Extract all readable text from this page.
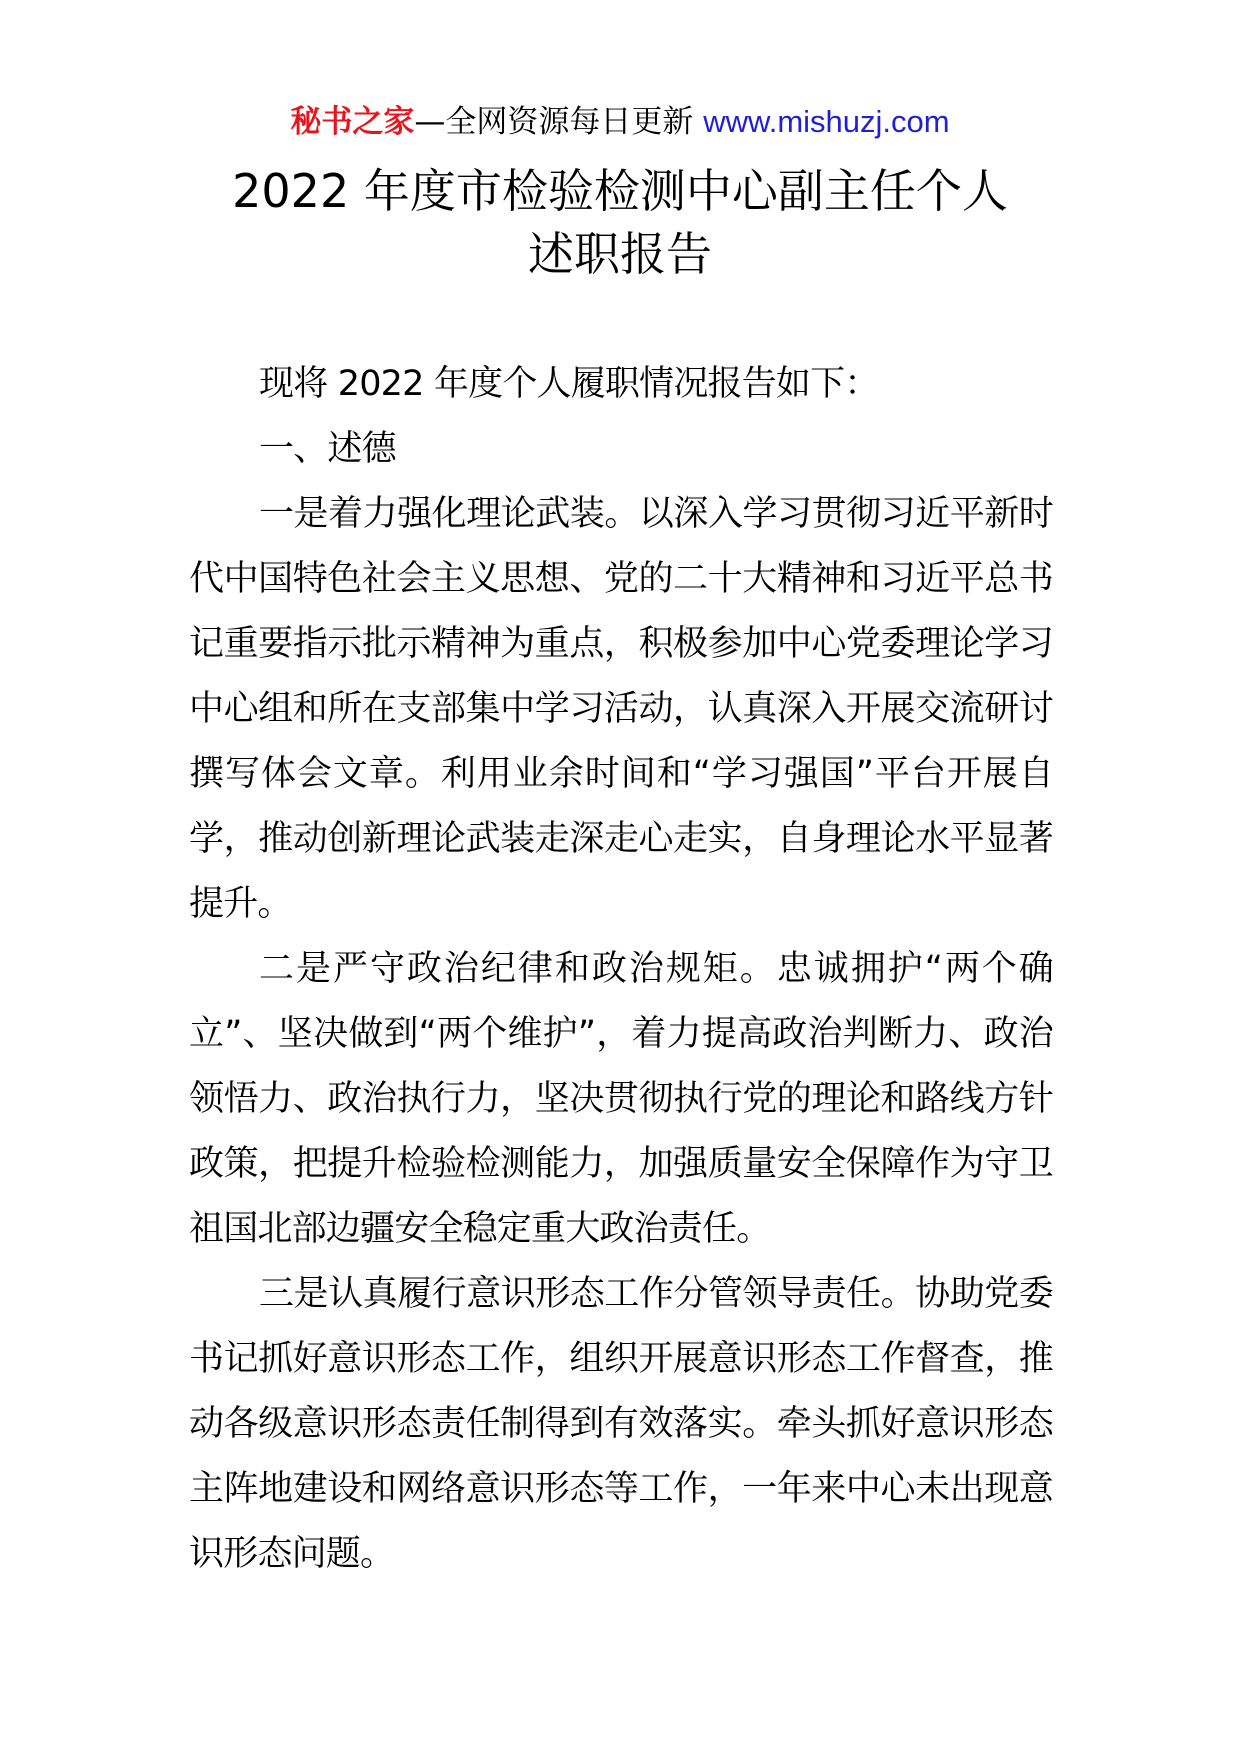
秘书之家—全网资源每日更新 www.mishuzj.com
2022 年度市检验检测中心副主任个人
述职报告

现将 2022 年度个人履职情况报告如下：

一、述德

一是着力强化理论武装。以深入学习贯彻习近平新时代中国特色社会主义思想、党的二十大精神和习近平总书记重要指示批示精神为重点，积极参加中心党委理论学习中心组和所在支部集中学习活动，认真深入开展交流研讨撰写体会文章。利用业余时间和“学习强国”平台开展自学，推动创新理论武装走深走心走实，自身理论水平显著提升。

二是严守政治纪律和政治规矩。忠诚拥护“两个确立”、坚决做到“两个维护”，着力提高政治判断力、政治领悟力、政治执行力，坚决贯彻执行党的理论和路线方针政策，把提升检验检测能力，加强质量安全保障作为守卫祖国北部边疆安全稳定重大政治责任。

三是认真履行意识形态工作分管领导责任。协助党委书记抓好意识形态工作，组织开展意识形态工作督查，推动各级意识形态责任制得到有效落实。牵头抓好意识形态主阵地建设和网络意识形态等工作，一年来中心未出现意识形态问题。
